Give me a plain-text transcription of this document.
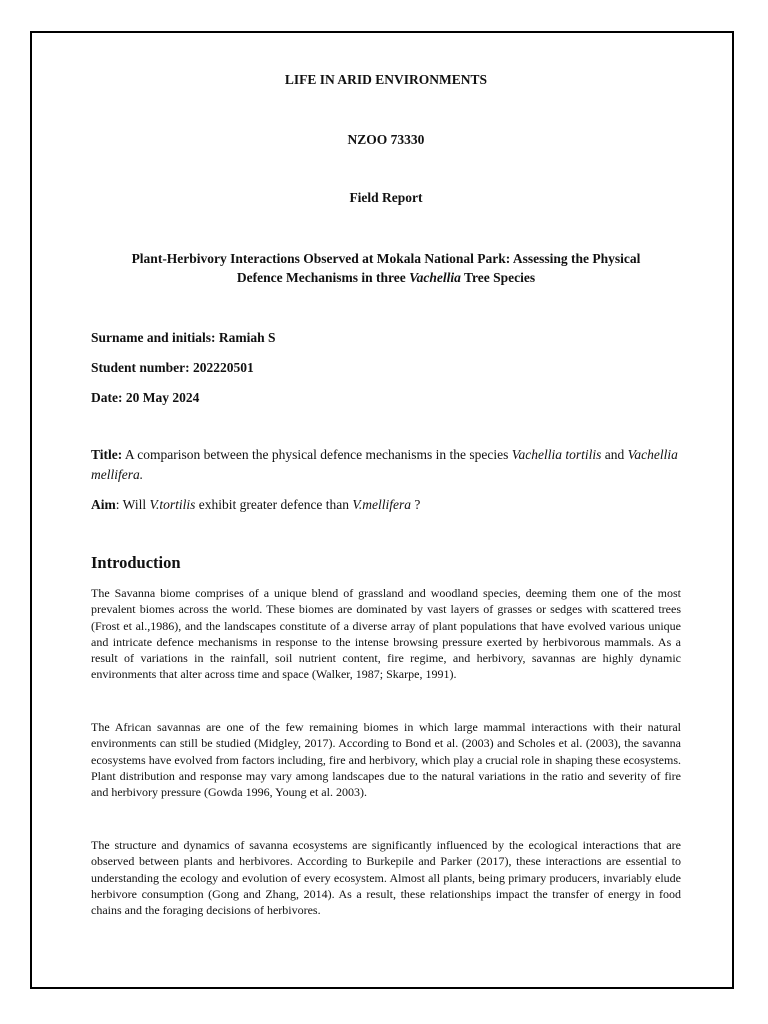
LIFE IN ARID ENVIRONMENTS
NZOO 73330
Field Report
Plant-Herbivory Interactions Observed at Mokala National Park: Assessing the Physical
Defence Mechanisms in three Vachellia Tree Species
Surname and initials: Ramiah S
Student number: 202220501
Date: 20 May 2024
Title: A comparison between the physical defence mechanisms in the species Vachellia tortilis and Vachellia mellifera.
Aim: Will V.tortilis exhibit greater defence than V.mellifera ?
Introduction
The Savanna biome comprises of a unique blend of grassland and woodland species, deeming them one of the most prevalent biomes across the world. These biomes are dominated by vast layers of grasses or sedges with scattered trees (Frost et al.,1986), and the landscapes constitute of a diverse array of plant populations that have evolved various unique and intricate defence mechanisms in response to the intense browsing pressure exerted by herbivorous mammals. As a result of variations in the rainfall, soil nutrient content, fire regime, and herbivory, savannas are highly dynamic environments that alter across time and space (Walker, 1987; Skarpe, 1991).
The African savannas are one of the few remaining biomes in which large mammal interactions with their natural environments can still be studied (Midgley, 2017). According to Bond et al. (2003) and Scholes et al. (2003), the savanna ecosystems have evolved from factors including, fire and herbivory, which play a crucial role in shaping these ecosystems. Plant distribution and response may vary among landscapes due to the natural variations in the ratio and severity of fire and herbivory pressure (Gowda 1996, Young et al. 2003).
The structure and dynamics of savanna ecosystems are significantly influenced by the ecological interactions that are observed between plants and herbivores. According to Burkepile and Parker (2017), these interactions are essential to understanding the ecology and evolution of every ecosystem. Almost all plants, being primary producers, invariably elude herbivore consumption (Gong and Zhang, 2014). As a result, these relationships impact the transfer of energy in food chains and the foraging decisions of herbivores.
